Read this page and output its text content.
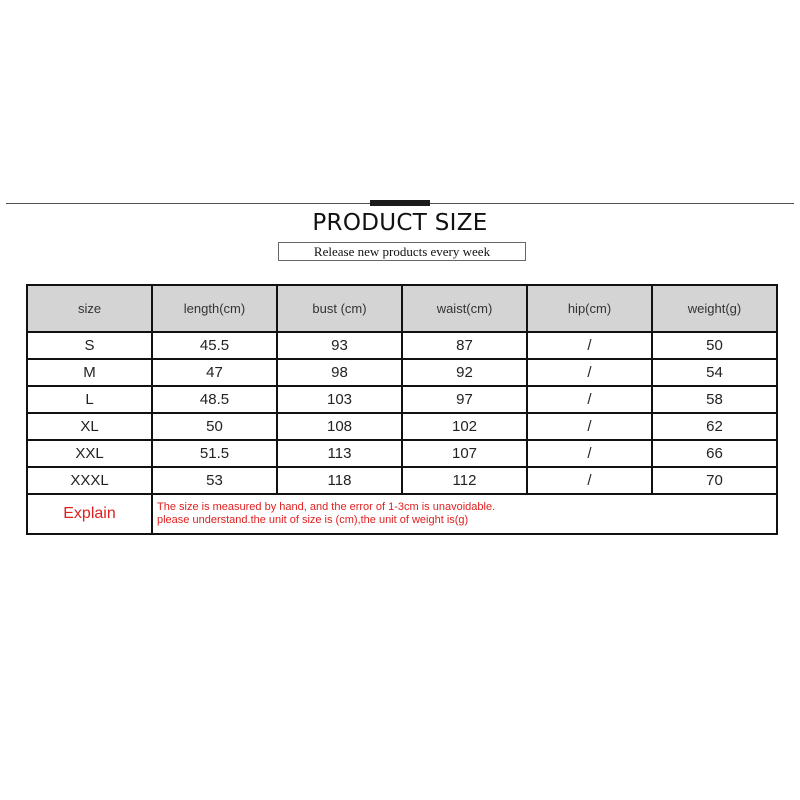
PRODUCT SIZE
Release new products every week
size	length(cm)	bust (cm)	waist(cm)	hip(cm)	weight(g)
S	45.5	93	87	/	50
M	47	98	92	/	54
L	48.5	103	97	/	58
XL	50	108	102	/	62
XXL	51.5	113	107	/	66
XXXL	53	118	112	/	70
Explain	The size is measured by hand, and the error of 1-3cm is unavoidable.
please understand.the unit of size is (cm),the unit of weight is(g)				
